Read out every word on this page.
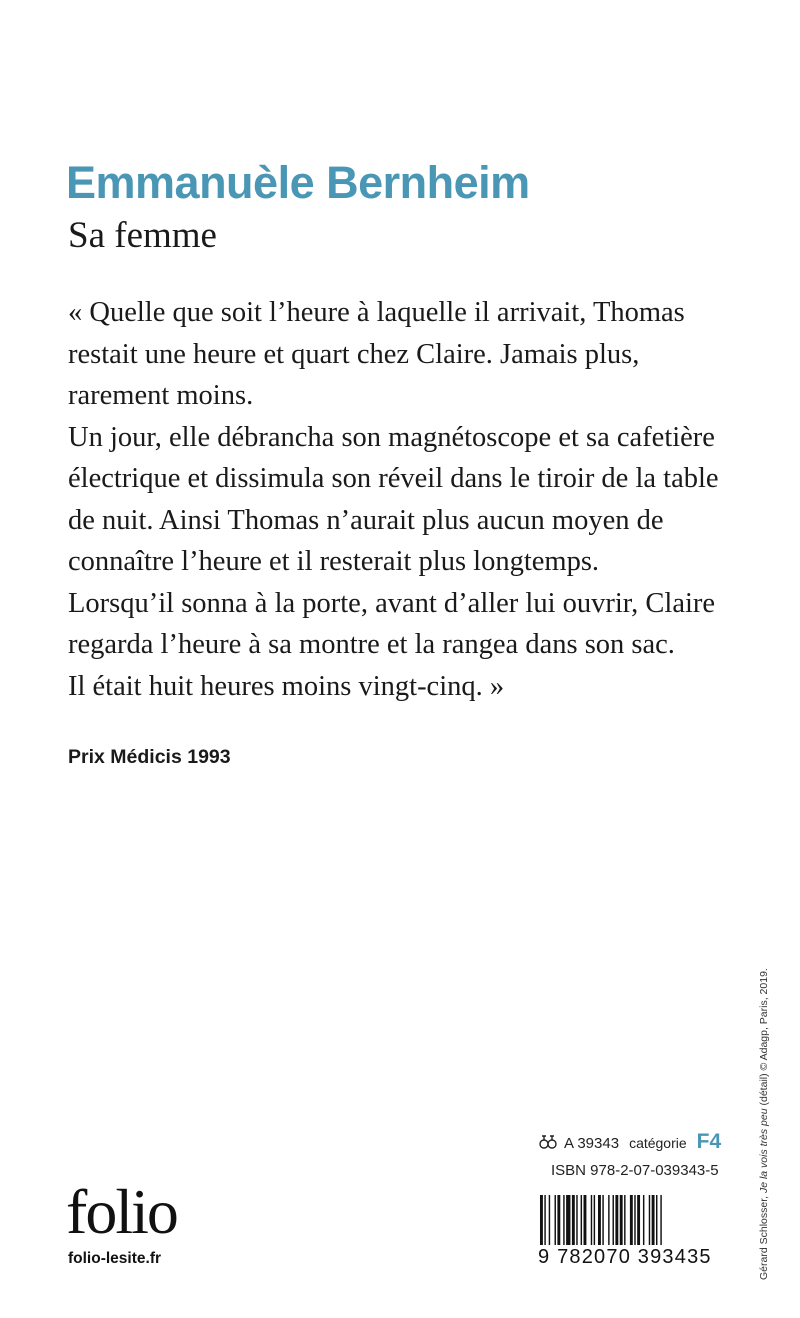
Emmanuèle Bernheim
Sa femme

« Quelle que soit l’heure à laquelle il arrivait, Thomas

restait une heure et quart chez Claire. Jamais plus,

rarement moins.

Un jour, elle débrancha son magnétoscope et sa cafetière

électrique et dissimula son réveil dans le tiroir de la table

de nuit. Ainsi Thomas n’aurait plus aucun moyen de

connaître l’heure et il resterait plus longtemps.

Lorsqu’il sonna à la porte, avant d’aller lui ouvrir, Claire

regarda l’heure à sa montre et la rangea dans son sac.

Il était huit heures moins vingt-cinq. »

Prix Médicis 1993
Gérard Schlosser, Je la vois très peu (détail) © Adagp, Paris, 2019.
A 39343 catégorie F4
ISBN 978-2-07-039343-5
9 782070 393435
folio
folio-lesite.fr
